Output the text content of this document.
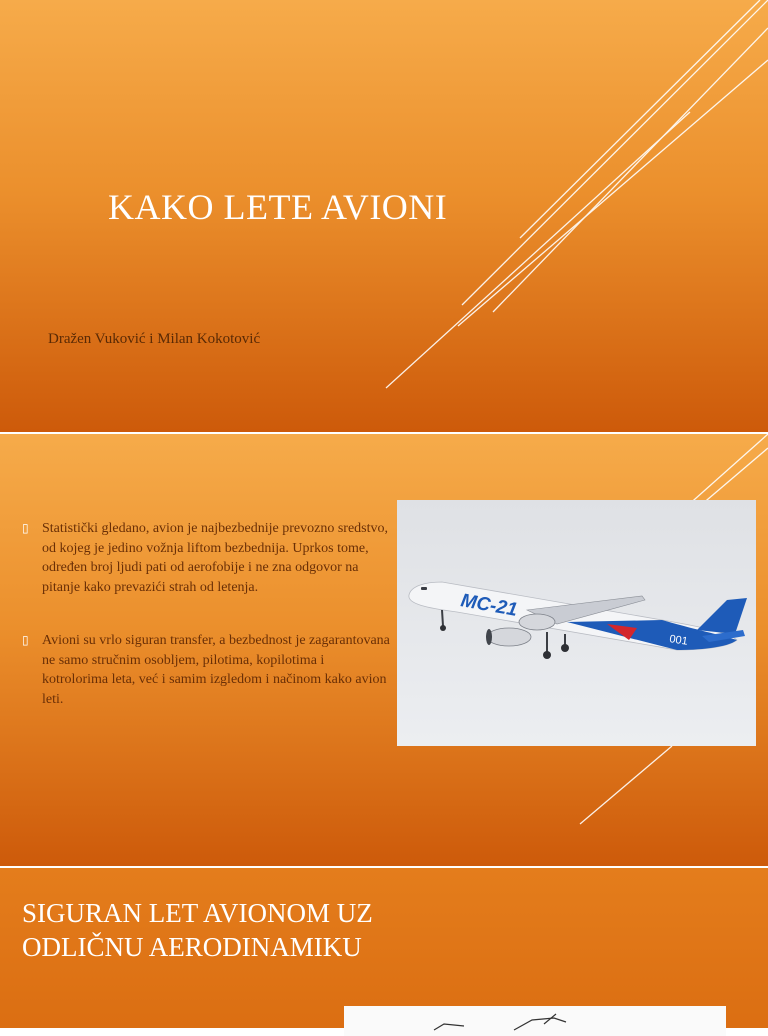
KAKO LETE AVIONI
Dražen Vuković i Milan Kokotović
▯ Statistički gledano, avion je najbezbednije prevozno sredstvo, od kojeg je jedino vožnja liftom bezbednija. Uprkos tome, određen broj ljudi pati od aerofobije i ne zna odgovor na pitanje kako prevazići strah od letenja.
▯ Avioni su vrlo siguran transfer, a bezbednost je zagarantovana ne samo stručnim osobljem, pilotima, kopilotima i kotrolorima leta, već i samim izgledom i načinom kako avion leti.
MC-21
001
SIGURAN LET AVIONOM UZ ODLIČNU AERODINAMIKU
